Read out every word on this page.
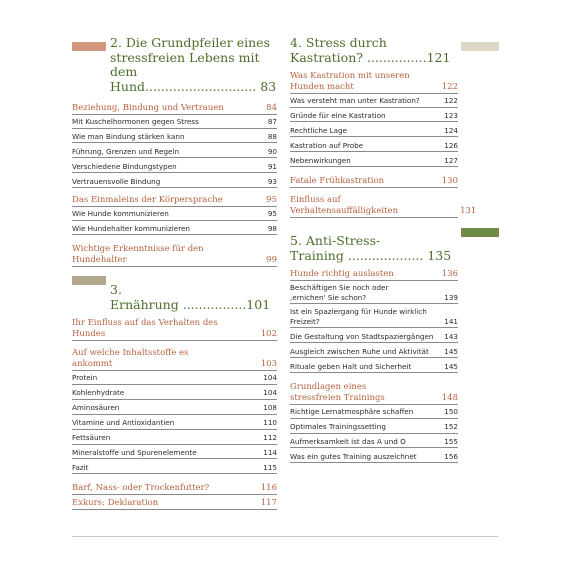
2. Die Grundpfeiler eines stressfreien Lebens mit dem Hund............................ 83
Beziehung, Bindung und Vertrauen	84
Mit Kuschelhormonen gegen Stress	87
Wie man Bindung stärken kann	88
Führung, Grenzen und Regeln	90
Verschiedene Bindungstypen	91
Vertrauensvolle Bindung	93
Das Einmaleins der Körpersprache	95
Wie Hunde kommunizieren	95
Wie Hundehalter kommunizieren	98
Wichtige Erkenntnisse für den Hundehalter	99
3. Ernährung ................101
Ihr Einfluss auf das Verhalten des Hundes	102
Auf welche Inhaltsstoffe es ankommt	103
Protein	104
Kohlenhydrate	104
Aminosäuren	108
Vitamine und Antioxidantien	110
Fettsäuren	112
Mineralstoffe und Spurenelemente	114
Fazit	115
Barf, Nass- oder Trockenfutter?	116
Exkurs: Deklaration	117
4. Stress durch Kastration? ...............121
Was Kastration mit unseren Hunden macht	122
Was versteht man unter Kastration?	122
Gründe für eine Kastration	123
Rechtliche Lage	124
Kastration auf Probe	126
Nebenwirkungen	127
Fatale Frühkastration	130
Einfluss auf Verhaltensauffälligkeiten	131
5. Anti-Stress-Training ................... 135
Hunde richtig auslasten	136
Beschäftigen Sie noch oder ‚ernichen' Sie schon?	139
Ist ein Spaziergang für Hunde wirklich Freizeit?	141
Die Gestaltung von Stadtspaziergängen	143
Ausgleich zwischen Ruhe und Aktivität	145
Rituale geben Halt und Sicherheit	145
Grundlagen eines stressfreien Trainings	148
Richtige Lernatmosphäre schaffen	150
Optimales Trainingssetting	152
Aufmerksamkeit ist das A und O	155
Was ein gutes Training auszeichnet	156
